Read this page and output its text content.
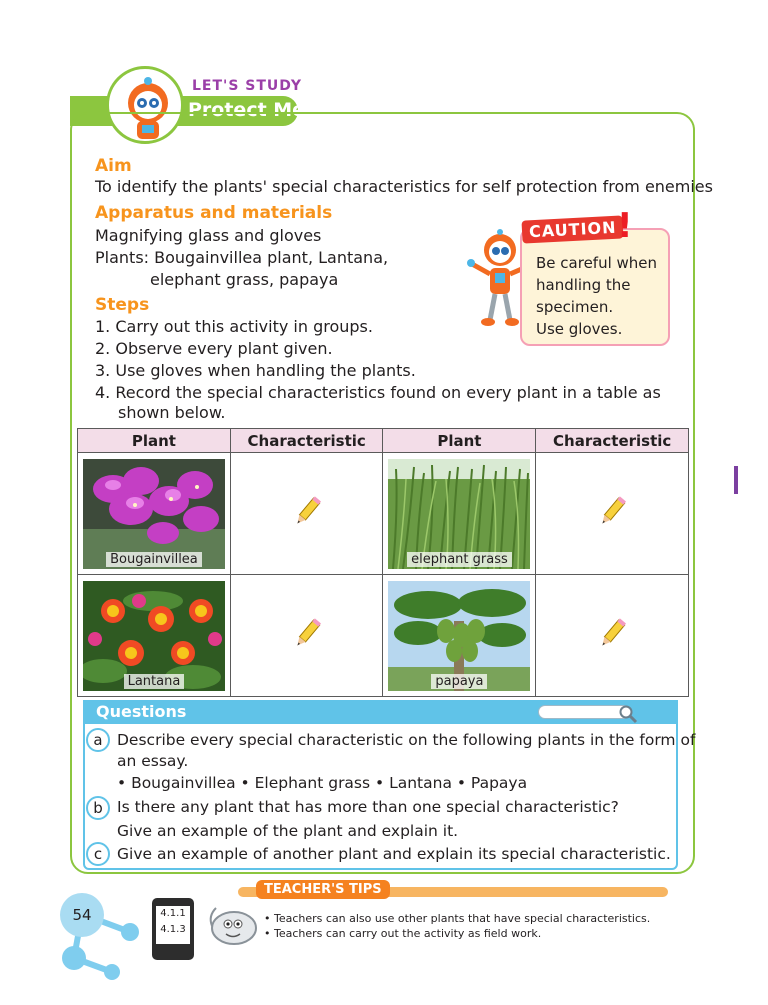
LET'S STUDY
Protect Me
Aim
To identify the plants' special characteristics for self protection from enemies
Apparatus and materials
Magnifying glass and gloves
Plants: Bougainvillea plant, Lantana,
elephant grass, papaya
Steps
1. Carry out this activity in groups.
2. Observe every plant given.
3. Use gloves when handling the plants.
4. Record the special characteristics found on every plant in a table as
shown below.
CAUTION !
Be careful when
handling the
specimen.
Use gloves.
Plant	Characteristic	Plant	Characteristic

Bougainvillea		elephant grass

Lantana		papaya

Questions
a Describe every special characteristic on the following plants in the form of
an essay.
• Bougainvillea • Elephant grass • Lantana • Papaya
b Is there any plant that has more than one special characteristic?
Give an example of the plant and explain it.
c Give an example of another plant and explain its special characteristic.
54	4.1.1
4.1.3
TEACHER'S TIPS
• Teachers can also use other plants that have special characteristics.
• Teachers can carry out the activity as field work.
